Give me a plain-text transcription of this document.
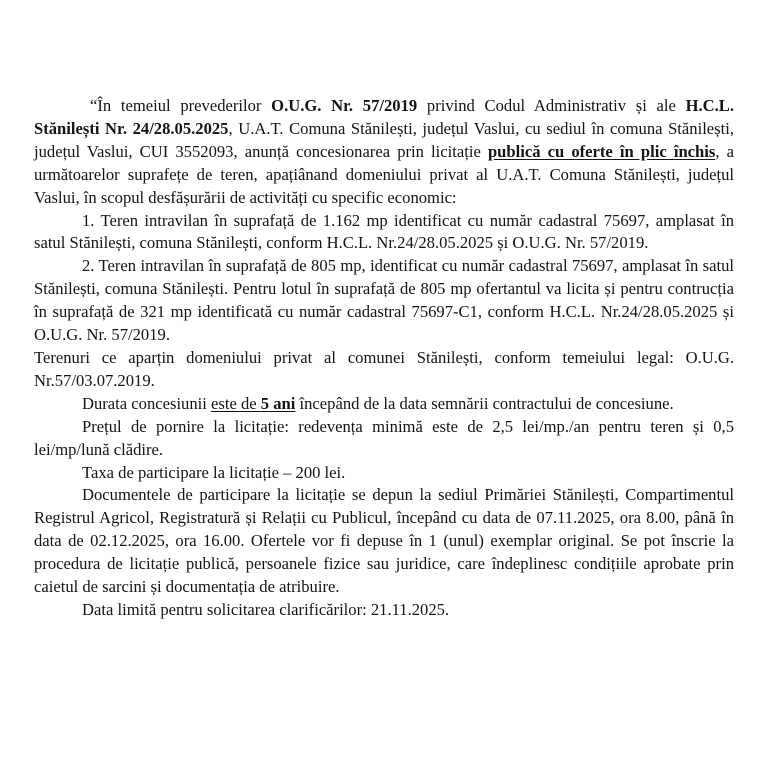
“În temeiul prevederilor O.U.G. Nr. 57/2019 privind Codul Administrativ și ale H.C.L. Stănilești Nr. 24/28.05.2025, U.A.T. Comuna Stănilești, județul Vaslui, cu sediul în comuna Stănilești, județul Vaslui, CUI 3552093, anunță concesionarea prin licitație publică cu oferte în plic închis, a următoarelor suprafețe de teren, apațiânand domeniului privat al U.A.T. Comuna Stănilești, județul Vaslui, în scopul desfășurării de activități cu specific economic:

1. Teren intravilan în suprafață de 1.162 mp identificat cu număr cadastral 75697, amplasat în satul Stănilești, comuna Stănilești, conform H.C.L. Nr.24/28.05.2025 și O.U.G. Nr. 57/2019.

2. Teren intravilan în suprafață de 805 mp, identificat cu număr cadastral 75697, amplasat în satul Stănilești, comuna Stănilești. Pentru lotul în suprafață de 805 mp ofertantul va licita și pentru contrucția în suprafață de 321 mp identificată cu număr cadastral 75697-C1, conform H.C.L. Nr.24/28.05.2025 și O.U.G. Nr. 57/2019.

Terenuri ce aparțin domeniului privat al comunei Stănilești, conform temeiului legal: O.U.G. Nr.57/03.07.2019.

Durata concesiunii este de 5 ani începând de la data semnării contractului de concesiune.

Prețul de pornire la licitație: redevența minimă este de 2,5 lei/mp./an pentru teren și 0,5 lei/mp/lună clădire.

Taxa de participare la licitație – 200 lei.

Documentele de participare la licitație se depun la sediul Primăriei Stănilești, Compartimentul Registrul Agricol, Registratură și Relații cu Publicul, începând cu data de 07.11.2025, ora 8.00, până în data de 02.12.2025, ora 16.00. Ofertele vor fi depuse în 1 (unul) exemplar original. Se pot înscrie la procedura de licitație publică, persoanele fizice sau juridice, care îndeplinesc condițiile aprobate prin caietul de sarcini și documentația de atribuire.

Data limită pentru solicitarea clarificărilor: 21.11.2025.
